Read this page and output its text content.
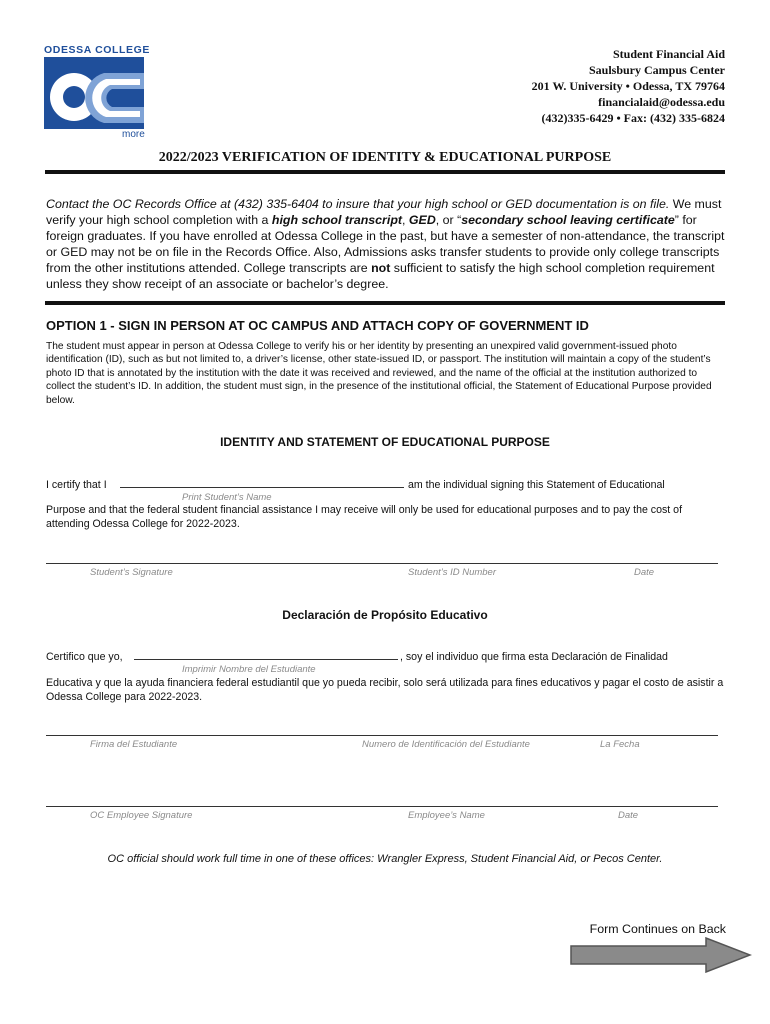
ODESSA COLLEGE
more
Student Financial Aid
Saulsbury Campus Center
201 W. University • Odessa, TX 79764
financialaid@odessa.edu
(432)335-6429 • Fax: (432) 335-6824
2022/2023 VERIFICATION OF IDENTITY & EDUCATIONAL PURPOSE
Contact the OC Records Office at (432) 335-6404 to insure that your high school or GED documentation is on file. We must verify your high school completion with a high school transcript, GED, or “secondary school leaving certificate” for foreign graduates. If you have enrolled at Odessa College in the past, but have a semester of non-attendance, the transcript or GED may not be on file in the Records Office. Also, Admissions asks transfer students to provide only college transcripts from the other institutions attended. College transcripts are not sufficient to satisfy the high school completion requirement unless they show receipt of an associate or bachelor’s degree.
OPTION 1 - SIGN IN PERSON AT OC CAMPUS AND ATTACH COPY OF GOVERNMENT ID
The student must appear in person at Odessa College to verify his or her identity by presenting an unexpired valid government-issued photo identification (ID), such as but not limited to, a driver’s license, other state-issued ID, or passport. The institution will maintain a copy of the student’s photo ID that is annotated by the institution with the date it was received and reviewed, and the name of the official at the institution authorized to collect the student’s ID. In addition, the student must sign, in the presence of the institutional official, the Statement of Educational Purpose provided below.
IDENTITY AND STATEMENT OF EDUCATIONAL PURPOSE
I certify that I	am the individual signing this Statement of Educational
Print Student’s Name
Purpose and that the federal student financial assistance I may receive will only be used for educational purposes and to pay the cost of attending Odessa College for 2022-2023.
Student’s Signature	Student’s ID Number	Date
Declaración de Propósito Educativo
Certifico que yo,	, soy el individuo que firma esta Declaración de Finalidad
Imprimir Nombre del Estudiante
Educativa y que la ayuda financiera federal estudiantil que yo pueda recibir, solo será utilizada para fines educativos y pagar el costo de asistir a Odessa College para 2022-2023.
Firma del Estudiante	Numero de Identificación del Estudiante	La Fecha
OC Employee Signature	Employee’s Name	Date
OC official should work full time in one of these offices: Wrangler Express, Student Financial Aid, or Pecos Center.
Form Continues on Back
